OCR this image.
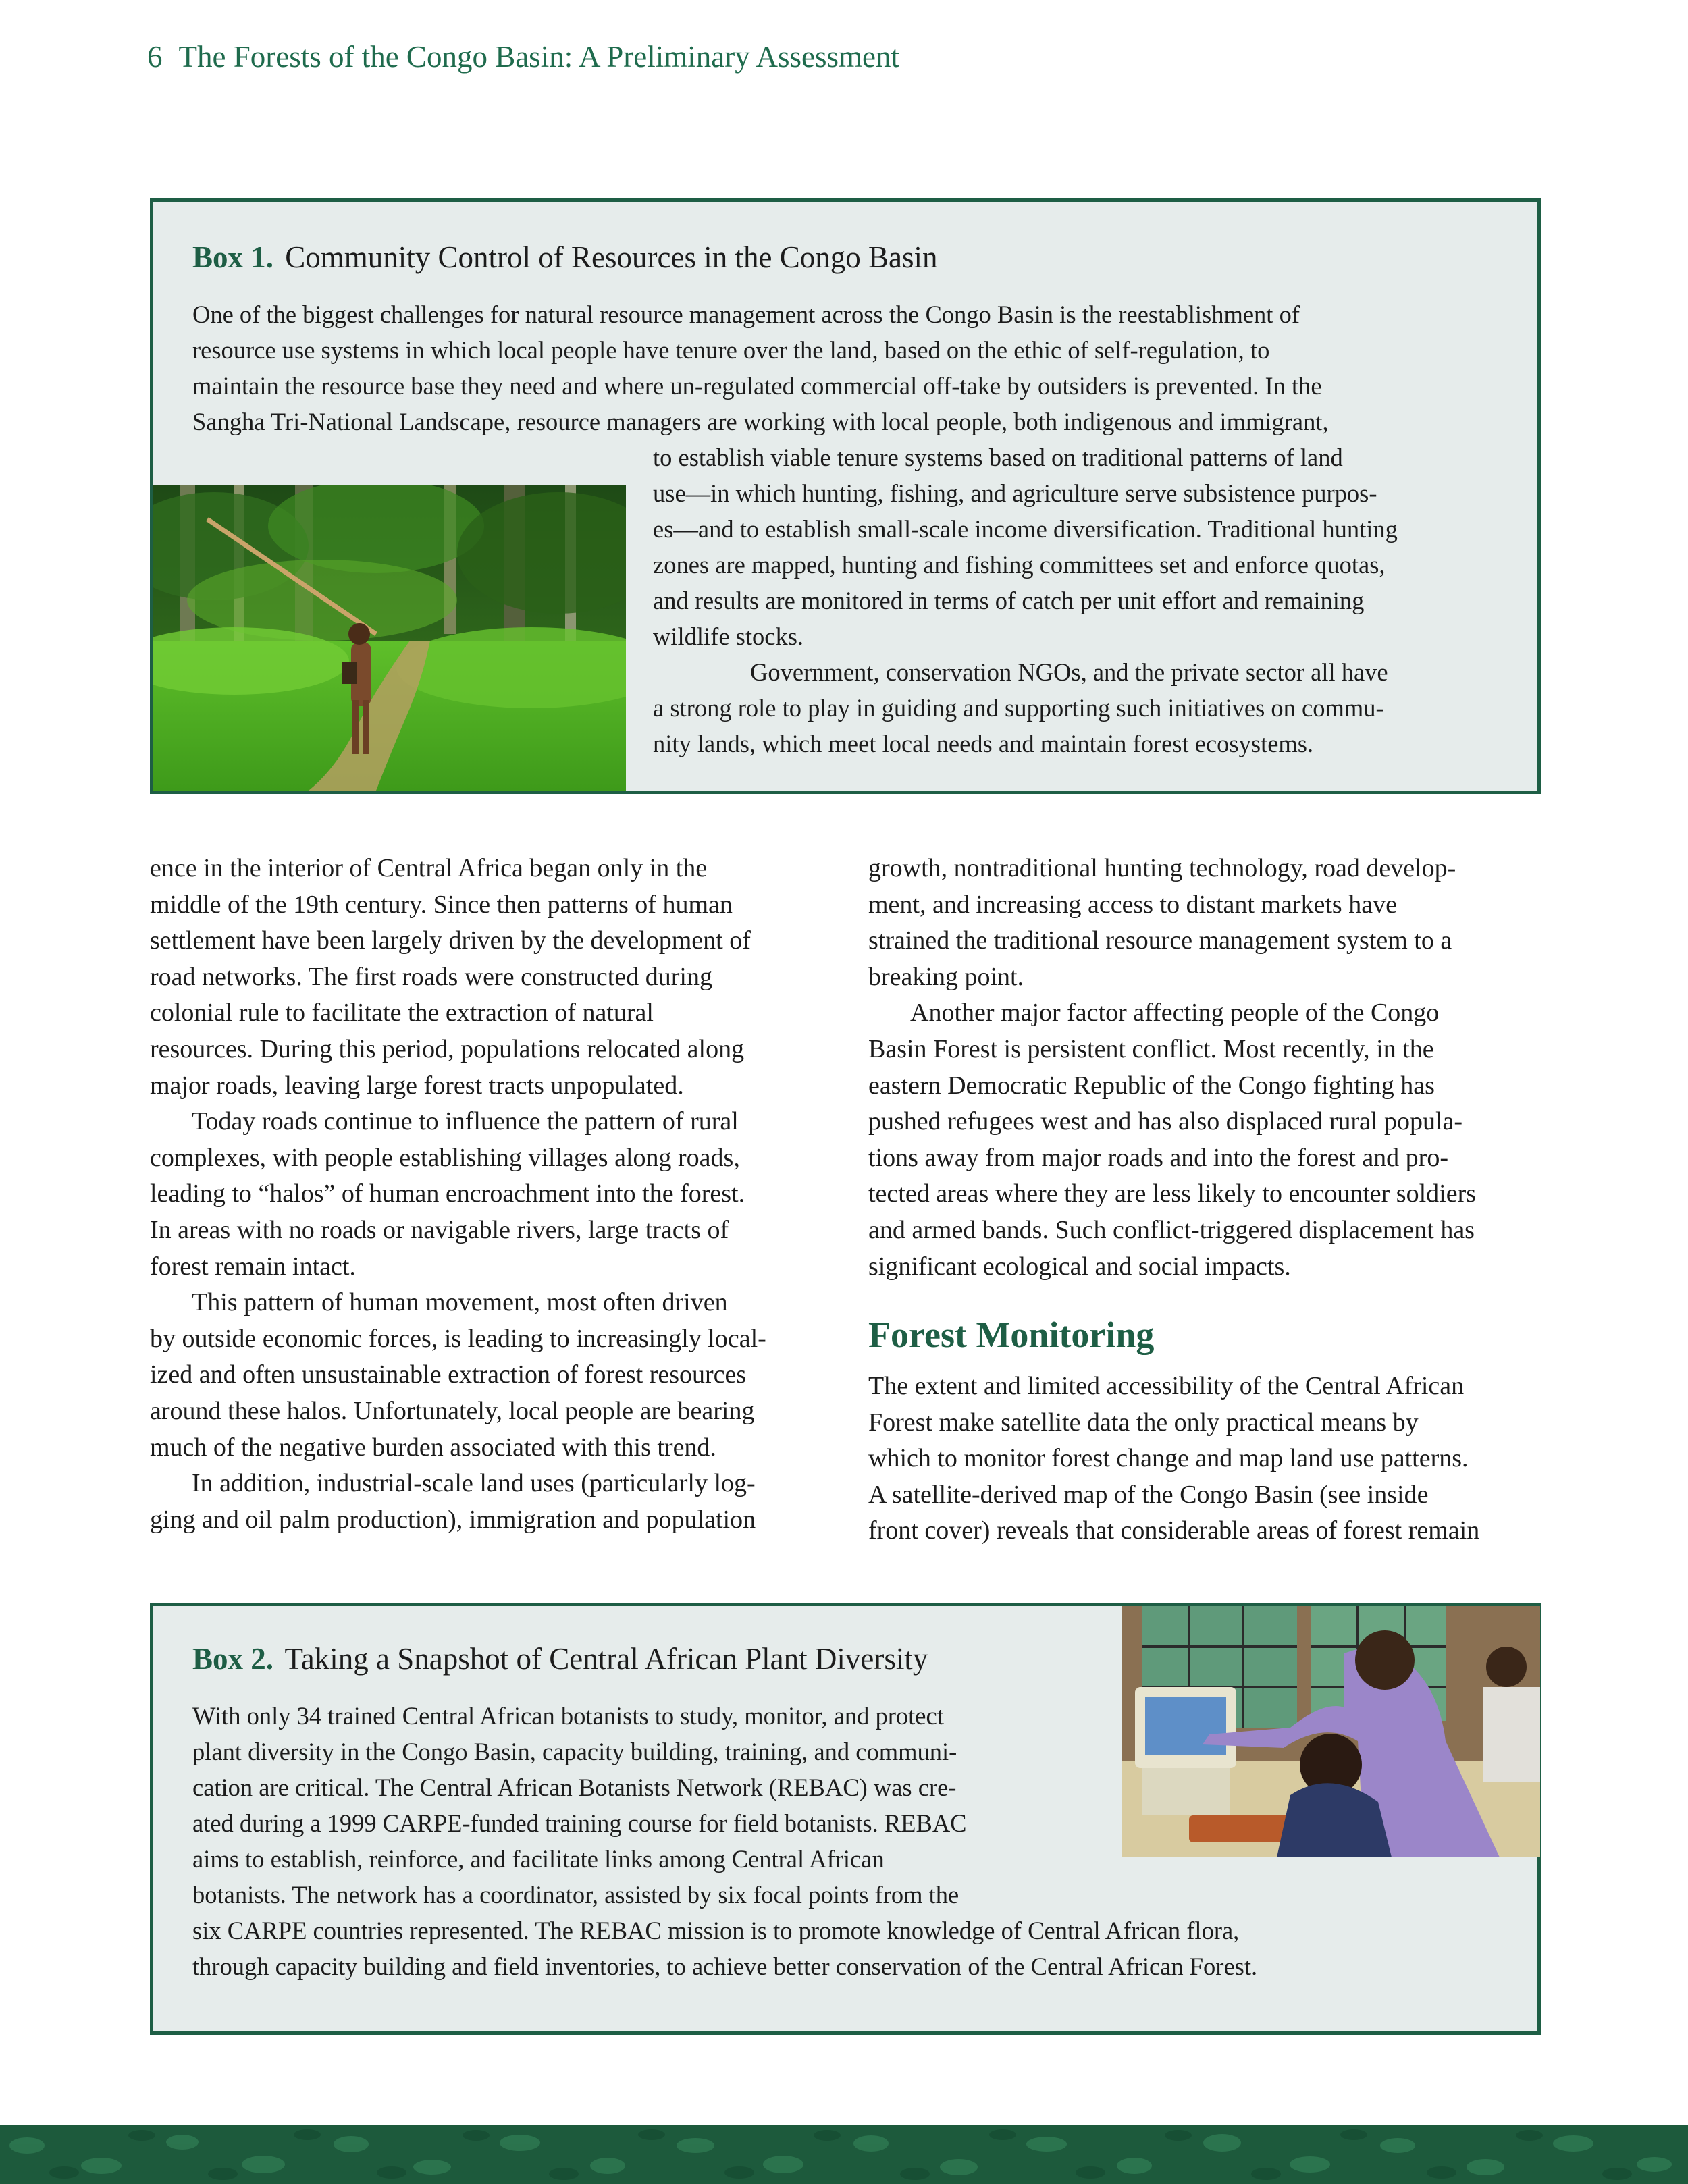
6 The Forests of the Congo Basin: A Preliminary Assessment
Box 1. Community Control of Resources in the Congo Basin
One of the biggest challenges for natural resource management across the Congo Basin is the reestablishment of
resource use systems in which local people have tenure over the land, based on the ethic of self-regulation, to
maintain the resource base they need and where un-regulated commercial off-take by outsiders is prevented. In the
Sangha Tri-National Landscape, resource managers are working with local people, both indigenous and immigrant,
to establish viable tenure systems based on traditional patterns of land
use—in which hunting, fishing, and agriculture serve subsistence purpos-
es—and to establish small-scale income diversification. Traditional hunting
zones are mapped, hunting and fishing committees set and enforce quotas,
and results are monitored in terms of catch per unit effort and remaining
wildlife stocks.
Government, conservation NGOs, and the private sector all have
a strong role to play in guiding and supporting such initiatives on commu-
nity lands, which meet local needs and maintain forest ecosystems.
ence in the interior of Central Africa began only in the
middle of the 19th century. Since then patterns of human
settlement have been largely driven by the development of
road networks. The first roads were constructed during
colonial rule to facilitate the extraction of natural
resources. During this period, populations relocated along
major roads, leaving large forest tracts unpopulated.
Today roads continue to influence the pattern of rural
complexes, with people establishing villages along roads,
leading to “halos” of human encroachment into the forest.
In areas with no roads or navigable rivers, large tracts of
forest remain intact.
This pattern of human movement, most often driven
by outside economic forces, is leading to increasingly local-
ized and often unsustainable extraction of forest resources
around these halos. Unfortunately, local people are bearing
much of the negative burden associated with this trend.
In addition, industrial-scale land uses (particularly log-
ging and oil palm production), immigration and population
growth, nontraditional hunting technology, road develop-
ment, and increasing access to distant markets have
strained the traditional resource management system to a
breaking point.
Another major factor affecting people of the Congo
Basin Forest is persistent conflict. Most recently, in the
eastern Democratic Republic of the Congo fighting has
pushed refugees west and has also displaced rural popula-
tions away from major roads and into the forest and pro-
tected areas where they are less likely to encounter soldiers
and armed bands. Such conflict-triggered displacement has
significant ecological and social impacts.
Forest Monitoring
The extent and limited accessibility of the Central African
Forest make satellite data the only practical means by
which to monitor forest change and map land use patterns.
A satellite-derived map of the Congo Basin (see inside
front cover) reveals that considerable areas of forest remain
Box 2. Taking a Snapshot of Central African Plant Diversity
With only 34 trained Central African botanists to study, monitor, and protect
plant diversity in the Congo Basin, capacity building, training, and communi-
cation are critical. The Central African Botanists Network (REBAC) was cre-
ated during a 1999 CARPE-funded training course for field botanists. REBAC
aims to establish, reinforce, and facilitate links among Central African
botanists. The network has a coordinator, assisted by six focal points from the
six CARPE countries represented. The REBAC mission is to promote knowledge of Central African flora,
through capacity building and field inventories, to achieve better conservation of the Central African Forest.
